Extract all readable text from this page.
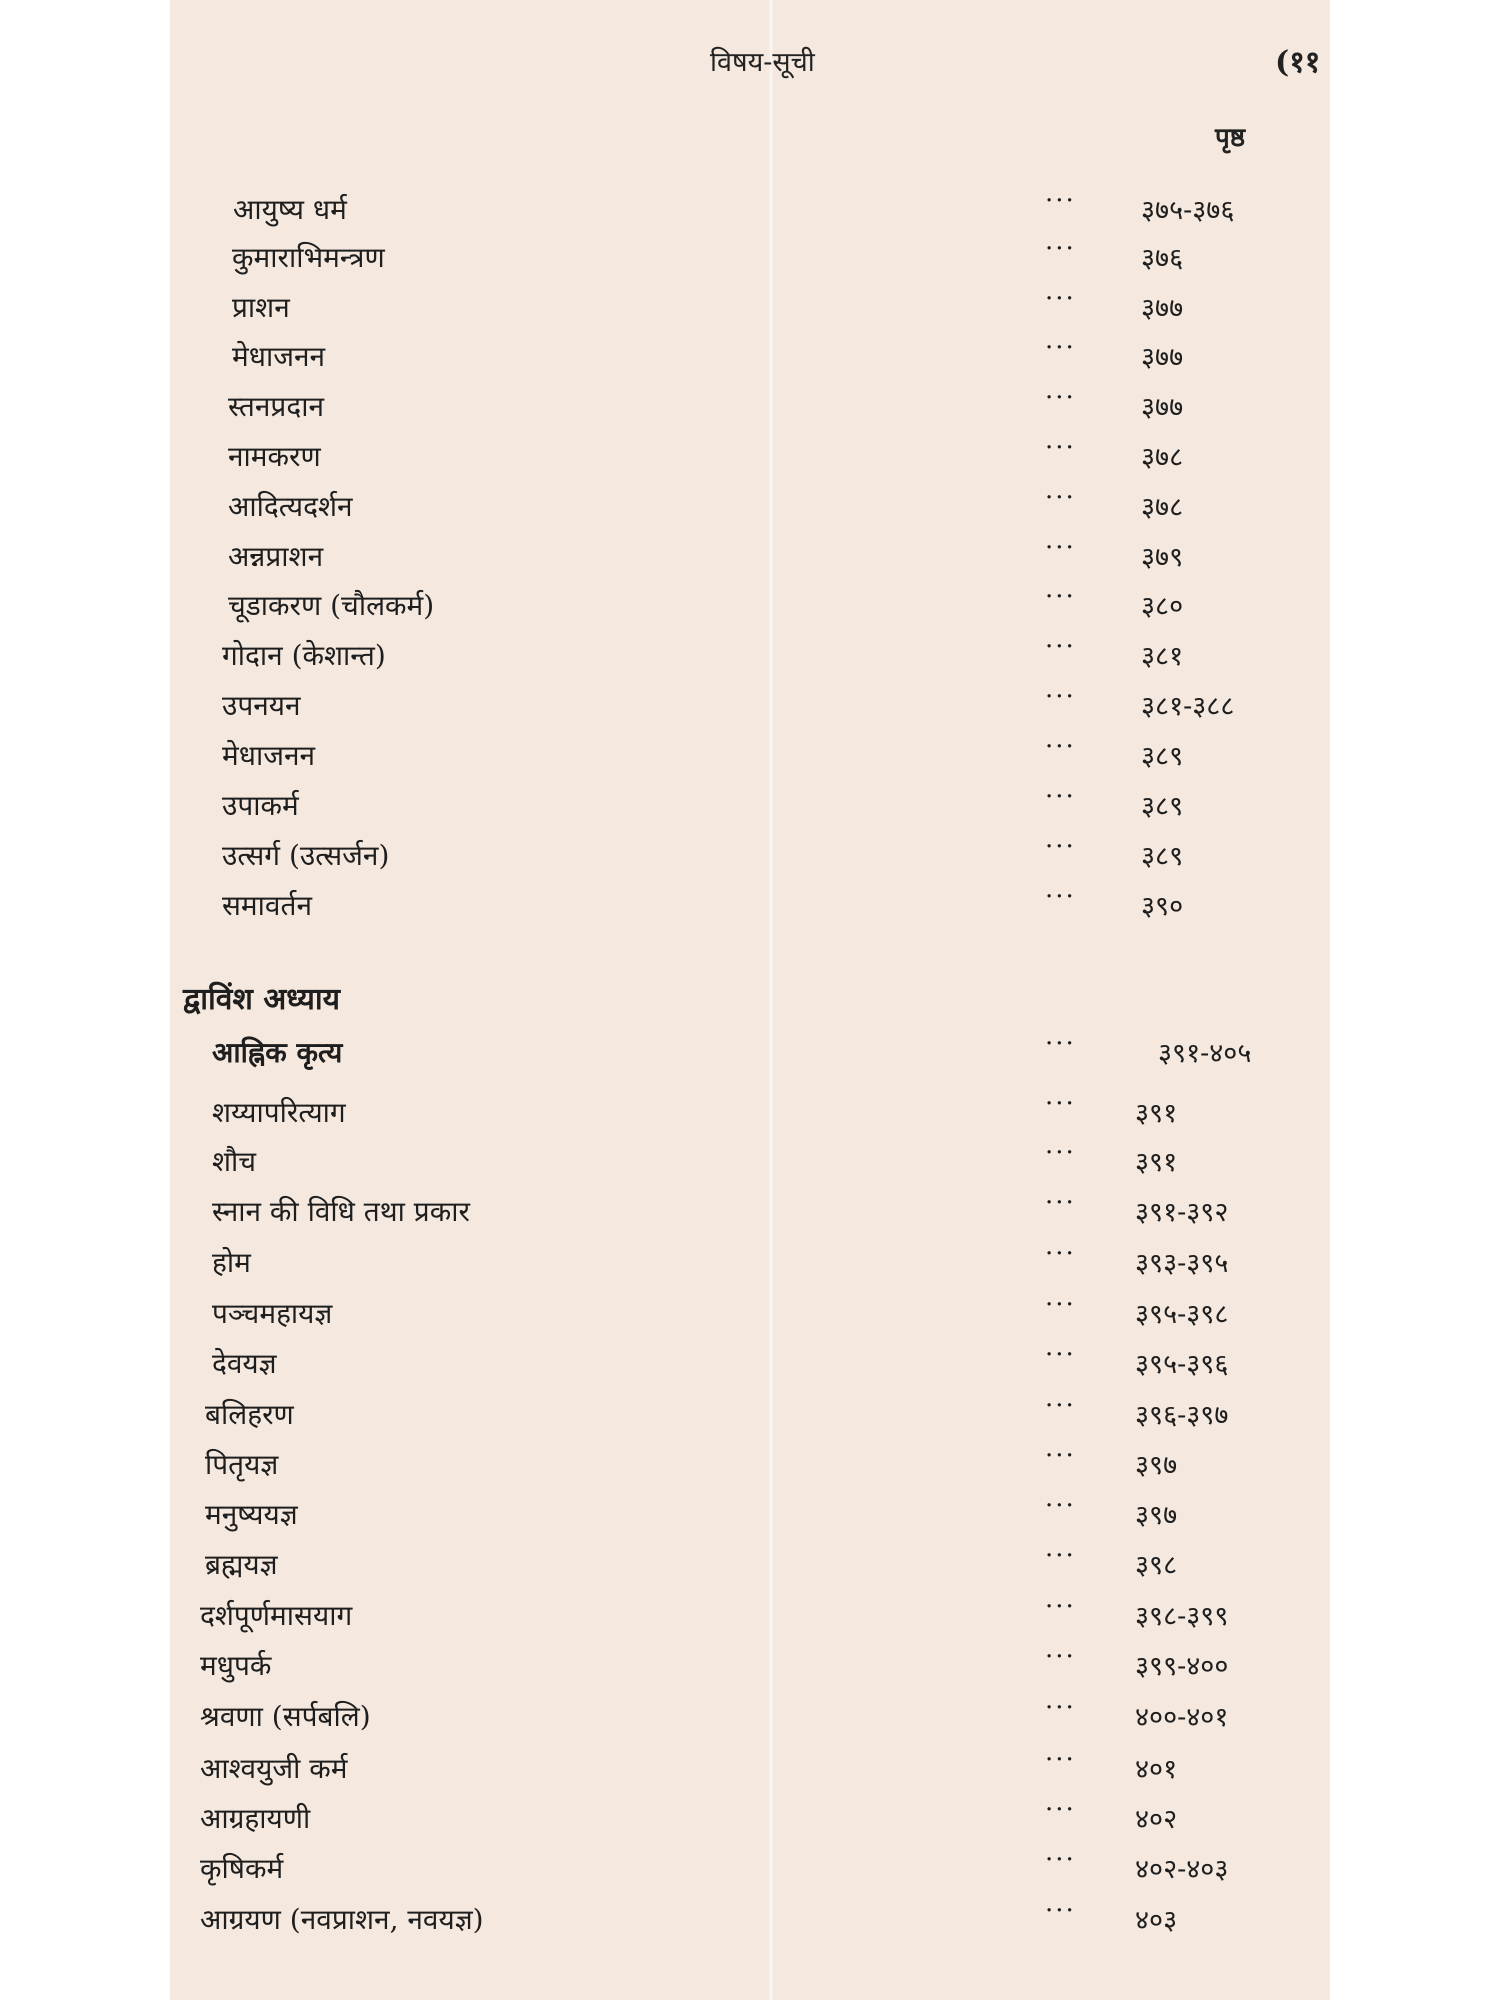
विषय-सूची	(११
पृष्ठ
आयुष्य धर्म	··· ३७५-३७६
कुमाराभिमन्त्रण	··· ३७६
प्राशन	··· ३७७
मेधाजनन	··· ३७७
स्तनप्रदान	··· ३७७
नामकरण	··· ३७८
आदित्यदर्शन	··· ३७८
अन्नप्राशन	··· ३७९
चूडाकरण (चौलकर्म)	··· ३८०
गोदान (केशान्त)	··· ३८१
उपनयन	··· ३८१-३८८
मेधाजनन	··· ३८९
उपाकर्म	··· ३८९
उत्सर्ग (उत्सर्जन)	··· ३८९
समावर्तन	··· ३९०
द्वाविंश अध्याय
आह्निक कृत्य	···	३९१-४०५
शय्यापरित्याग	··· ३९१
शौच	··· ३९१
स्नान की विधि तथा प्रकार	··· ३९१-३९२
होम	··· ३९३-३९५
पञ्चमहायज्ञ	··· ३९५-३९८
देवयज्ञ	··· ३९५-३९६
बलिहरण	··· ३९६-३९७
पितृयज्ञ	··· ३९७
मनुष्ययज्ञ	··· ३९७
ब्रह्मयज्ञ	··· ३९८
दर्शपूर्णमासयाग	··· ३९८-३९९
मधुपर्क	··· ३९९-४००
श्रवणा (सर्पबलि)	··· ४००-४०१
आश्वयुजी कर्म	··· ४०१
आग्रहायणी	··· ४०२
कृषिकर्म	··· ४०२-४०३
आग्रयण (नवप्राशन, नवयज्ञ)	··· ४०३
